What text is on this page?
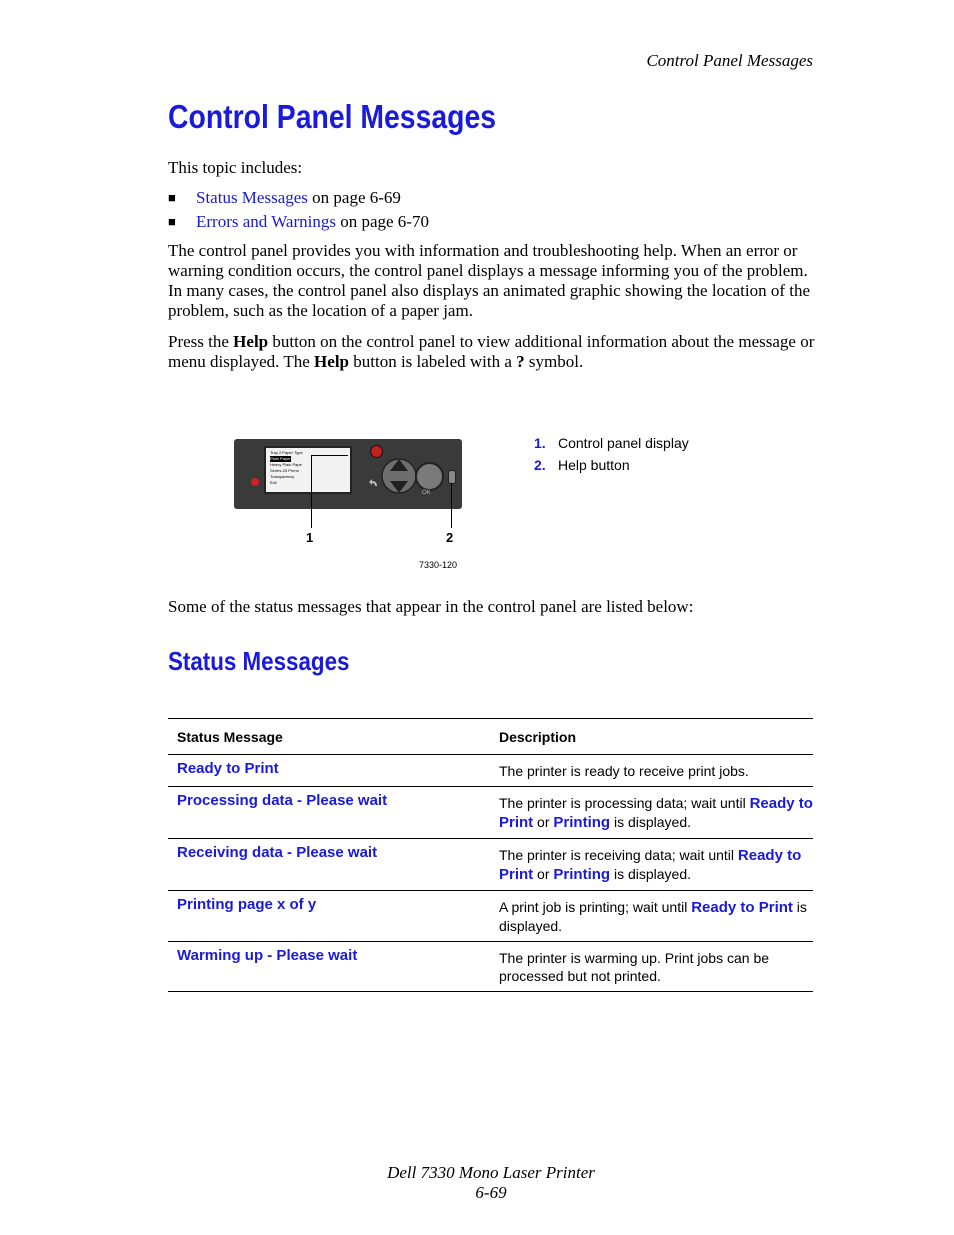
Control Panel Messages
Control Panel Messages

This topic includes:

■	Status Messages on page 6-69
■	Errors and Warnings on page 6-70

The control panel provides you with information and troubleshooting help. When an error or warning condition occurs, the control panel displays a message informing you of the problem. In many cases, the control panel also displays an animated graphic showing the location of the problem, such as the location of a paper jam.

Press the Help button on the control panel to view additional information about the message or menu displayed. The Help button is labeled with a ? symbol.

Tray 2 Paper Type
Plain Paper
Heavy Plain Pape
Series-25 Premi
Transparency
Exit
OK
1	2
7330-120
1. Control panel display
2. Help button

Some of the status messages that appear in the control panel are listed below:

Status Messages
Status Message	Description
Ready to Print	The printer is ready to receive print jobs.
Processing data - Please wait	The printer is processing data; wait until Ready to Print or Printing is displayed.
Receiving data - Please wait	The printer is receiving data; wait until Ready to Print or Printing is displayed.
Printing page x of y	A print job is printing; wait until Ready to Print is displayed.
Warming up - Please wait	The printer is warming up. Print jobs can be processed but not printed.
Dell 7330 Mono Laser Printer
6-69
